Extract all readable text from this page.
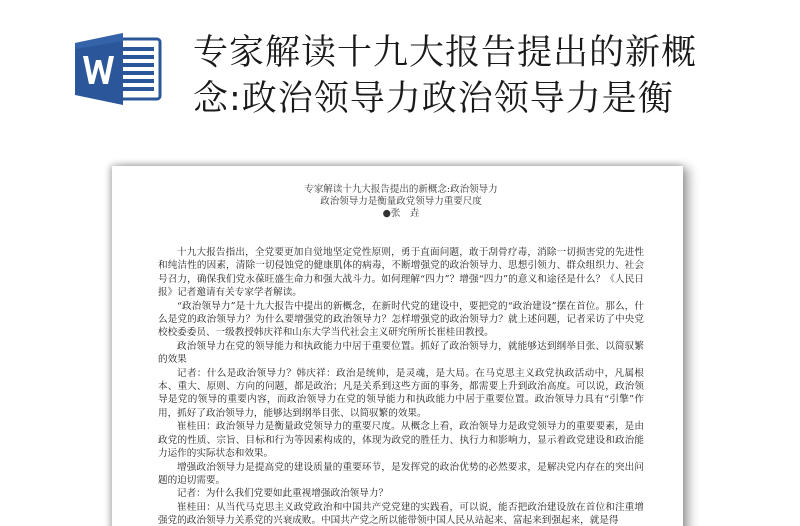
专家解读十九大报告提出的新概
念:政治领导力政治领导力是衡
专家解读十九大报告提出的新概念:政治领导力
政治领导力是衡量政党领导力重要尺度
●张　垚

十九大报告指出，全党要更加自觉地坚定党性原则，勇于直面问题，敢于刮骨疗毒，消除一切损害党的先进性和纯洁性的因素，清除一切侵蚀党的健康肌体的病毒，不断增强党的政治领导力、思想引领力、群众组织力、社会号召力，确保我们党永葆旺盛生命力和强大战斗力。如何理解“四力”？增强“四力”的意义和途径是什么？《人民日报》记者邀请有关专家学者解读。

“政治领导力”是十九大报告中提出的新概念，在新时代党的建设中，要把党的“政治建设”摆在首位。那么，什么是党的政治领导力？为什么要增强党的政治领导力？怎样增强党的政治领导力？就上述问题，记者采访了中央党校校委委员、一级教授韩庆祥和山东大学当代社会主义研究所所长崔桂田教授。

政治领导力在党的领导能力和执政能力中居于重要位置。抓好了政治领导力，就能够达到纲举目张、以简驭繁的效果

记者：什么是政治领导力？韩庆祥：政治是统帅，是灵魂，是大局。在马克思主义政党执政活动中，凡属根本、重大、原则、方向的问题，都是政治；凡是关系到这些方面的事务，都需要上升到政治高度。可以说，政治领导是党的领导的重要内容，而政治领导力在党的领导能力和执政能力中居于重要位置。政治领导力具有“引擎”作用，抓好了政治领导力，能够达到纲举目张、以简驭繁的效果。

崔桂田：政治领导力是衡量政党领导力的重要尺度。从概念上看，政治领导力是政党领导力的重要要素，是由政党的性质、宗旨、目标和行为等因素构成的，体现为政党的胜任力、执行力和影响力，显示着政党建设和政治能力运作的实际状态和效果。

增强政治领导力是提高党的建设质量的重要环节，是发挥党的政治优势的必然要求，是解决党内存在的突出问题的迫切需要。

记者：为什么我们党要如此重视增强政治领导力？

崔桂田：从当代马克思主义政党政治和中国共产党党建的实践看，可以说，能否把政治建设放在首位和注重增强党的政治领导力关系党的兴衰成败。中国共产党之所以能带领中国人民从站起来、富起来到强起来，就是得
